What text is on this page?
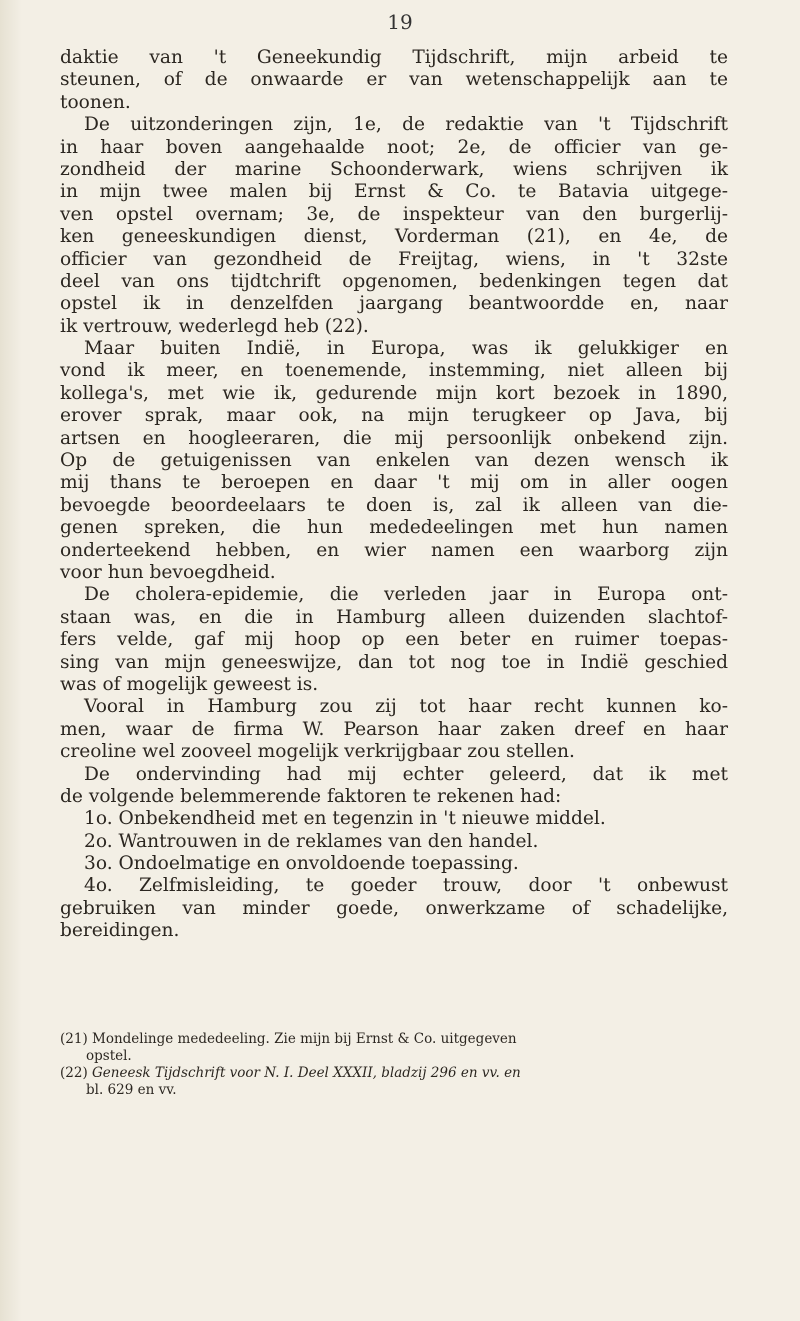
19
daktie van 't Geneekundig Tijdschrift, mijn arbeid te
steunen, of de onwaarde er van wetenschappelijk aan te
toonen.
De uitzonderingen zijn, 1e, de redaktie van 't Tijdschrift
in haar boven aangehaalde noot; 2e, de officier van ge-
zondheid der marine Schoonderwark, wiens schrijven ik
in mijn twee malen bij Ernst & Co. te Batavia uitgege-
ven opstel overnam; 3e, de inspekteur van den burgerlij-
ken geneeskundigen dienst, Vorderman (21), en 4e, de
officier van gezondheid de Freijtag, wiens, in 't 32ste
deel van ons tijdtchrift opgenomen, bedenkingen tegen dat
opstel ik in denzelfden jaargang beantwoordde en, naar
ik vertrouw, wederlegd heb (22).
Maar buiten Indië, in Europa, was ik gelukkiger en
vond ik meer, en toenemende, instemming, niet alleen bij
kollega's, met wie ik, gedurende mijn kort bezoek in 1890,
erover sprak, maar ook, na mijn terugkeer op Java, bij
artsen en hoogleeraren, die mij persoonlijk onbekend zijn.
Op de getuigenissen van enkelen van dezen wensch ik
mij thans te beroepen en daar 't mij om in aller oogen
bevoegde beoordeelaars te doen is, zal ik alleen van die-
genen spreken, die hun mededeelingen met hun namen
onderteekend hebben, en wier namen een waarborg zijn
voor hun bevoegdheid.
De cholera-epidemie, die verleden jaar in Europa ont-
staan was, en die in Hamburg alleen duizenden slachtof-
fers velde, gaf mij hoop op een beter en ruimer toepas-
sing van mijn geneeswijze, dan tot nog toe in Indië geschied
was of mogelijk geweest is.
Vooral in Hamburg zou zij tot haar recht kunnen ko-
men, waar de firma W. Pearson haar zaken dreef en haar
creoline wel zooveel mogelijk verkrijgbaar zou stellen.
De ondervinding had mij echter geleerd, dat ik met
de volgende belemmerende faktoren te rekenen had:
1o. Onbekendheid met en tegenzin in 't nieuwe middel.
2o. Wantrouwen in de reklames van den handel.
3o. Ondoelmatige en onvoldoende toepassing.
4o. Zelfmisleiding, te goeder trouw, door 't onbewust
gebruiken van minder goede, onwerkzame of schadelijke,
bereidingen.
(21) Mondelinge mededeeling. Zie mijn bij Ernst & Co. uitgegeven
opstel.
(22) Geneesk Tijdschrift voor N. I. Deel XXXII, bladzij 296 en vv. en
bl. 629 en vv.
